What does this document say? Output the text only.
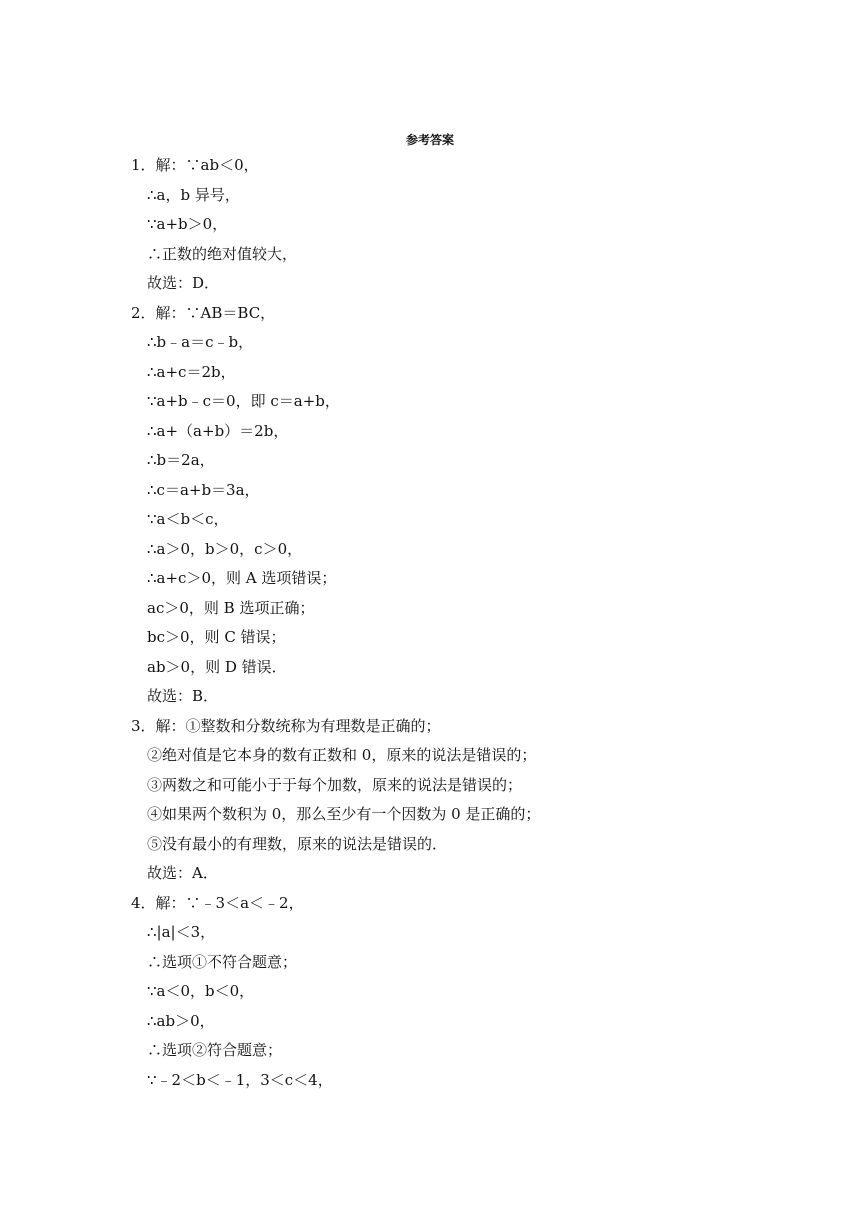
参考答案
1．解：∵ab＜0，
∴a，b 异号，
∵a+b＞0，
∴正数的绝对值较大，
故选：D．
2．解：∵AB＝BC，
∴b﹣a＝c﹣b，
∴a+c＝2b，
∵a+b﹣c＝0，即 c＝a+b，
∴a+（a+b）＝2b，
∴b＝2a，
∴c＝a+b＝3a，
∵a＜b＜c，
∴a＞0，b＞0，c＞0，
∴a+c＞0，则 A 选项错误；
ac＞0，则 B 选项正确；
bc＞0，则 C 错误；
ab＞0，则 D 错误．
故选：B．
3．解：①整数和分数统称为有理数是正确的；
②绝对值是它本身的数有正数和 0，原来的说法是错误的；
③两数之和可能小于于每个加数，原来的说法是错误的；
④如果两个数积为 0，那么至少有一个因数为 0 是正确的；
⑤没有最小的有理数，原来的说法是错误的．
故选：A．
4．解：∵﹣3＜a＜﹣2，
∴|a|＜3，
∴选项①不符合题意；
∵a＜0，b＜0，
∴ab＞0，
∴选项②符合题意；
∵﹣2＜b＜﹣1，3＜c＜4，
